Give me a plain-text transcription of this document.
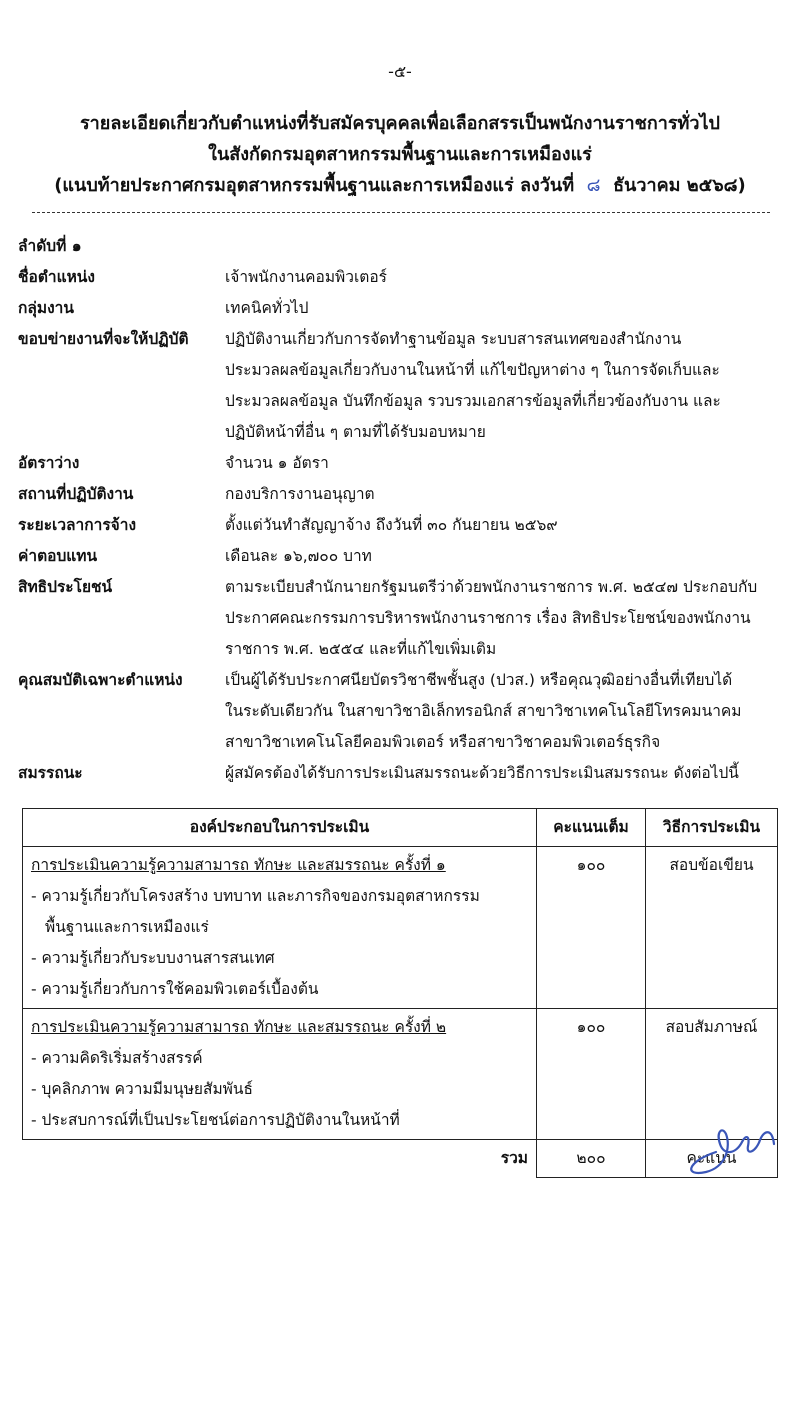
-๕-
รายละเอียดเกี่ยวกับตำแหน่งที่รับสมัครบุคคลเพื่อเลือกสรรเป็นพนักงานราชการทั่วไป
ในสังกัดกรมอุตสาหกรรมพื้นฐานและการเหมืองแร่
(แนบท้ายประกาศกรมอุตสาหกรรมพื้นฐานและการเหมืองแร่ ลงวันที่ ๘ ธันวาคม ๒๕๖๘)
ลำดับที่ ๑
ชื่อตำแหน่ง	เจ้าพนักงานคอมพิวเตอร์
กลุ่มงาน	เทคนิคทั่วไป
ขอบข่ายงานที่จะให้ปฏิบัติ	ปฏิบัติงานเกี่ยวกับการจัดทำฐานข้อมูล ระบบสารสนเทศของสำนักงาน
ประมวลผลข้อมูลเกี่ยวกับงานในหน้าที่ แก้ไขปัญหาต่าง ๆ ในการจัดเก็บและ
ประมวลผลข้อมูล บันทึกข้อมูล รวบรวมเอกสารข้อมูลที่เกี่ยวข้องกับงาน และ
ปฏิบัติหน้าที่อื่น ๆ ตามที่ได้รับมอบหมาย
อัตราว่าง	จำนวน ๑ อัตรา
สถานที่ปฏิบัติงาน	กองบริการงานอนุญาต
ระยะเวลาการจ้าง	ตั้งแต่วันทำสัญญาจ้าง ถึงวันที่ ๓๐ กันยายน ๒๕๖๙
ค่าตอบแทน	เดือนละ ๑๖,๗๐๐ บาท
สิทธิประโยชน์	ตามระเบียบสำนักนายกรัฐมนตรีว่าด้วยพนักงานราชการ พ.ศ. ๒๕๔๗ ประกอบกับ
ประกาศคณะกรรมการบริหารพนักงานราชการ เรื่อง สิทธิประโยชน์ของพนักงาน
ราชการ พ.ศ. ๒๕๕๔ และที่แก้ไขเพิ่มเติม
คุณสมบัติเฉพาะตำแหน่ง	เป็นผู้ได้รับประกาศนียบัตรวิชาชีพชั้นสูง (ปวส.) หรือคุณวุฒิอย่างอื่นที่เทียบได้
ในระดับเดียวกัน ในสาขาวิชาอิเล็กทรอนิกส์ สาขาวิชาเทคโนโลยีโทรคมนาคม
สาขาวิชาเทคโนโลยีคอมพิวเตอร์ หรือสาขาวิชาคอมพิวเตอร์ธุรกิจ
สมรรถนะ	ผู้สมัครต้องได้รับการประเมินสมรรถนะด้วยวิธีการประเมินสมรรถนะ ดังต่อไปนี้
องค์ประกอบในการประเมิน	คะแนนเต็ม	วิธีการประเมิน

การประเมินความรู้ความสามารถ ทักษะ และสมรรถนะ ครั้งที่ ๑
- ความรู้เกี่ยวกับโครงสร้าง บทบาท และภารกิจของกรมอุตสาหกรรม
พื้นฐานและการเหมืองแร่
- ความรู้เกี่ยวกับระบบงานสารสนเทศ
- ความรู้เกี่ยวกับการใช้คอมพิวเตอร์เบื้องต้น	๑๐๐	สอบข้อเขียน

การประเมินความรู้ความสามารถ ทักษะ และสมรรถนะ ครั้งที่ ๒
- ความคิดริเริ่มสร้างสรรค์
- บุคลิกภาพ ความมีมนุษยสัมพันธ์
- ประสบการณ์ที่เป็นประโยชน์ต่อการปฏิบัติงานในหน้าที่	๑๐๐	สอบสัมภาษณ์
รวม	๒๐๐	คะแนน
